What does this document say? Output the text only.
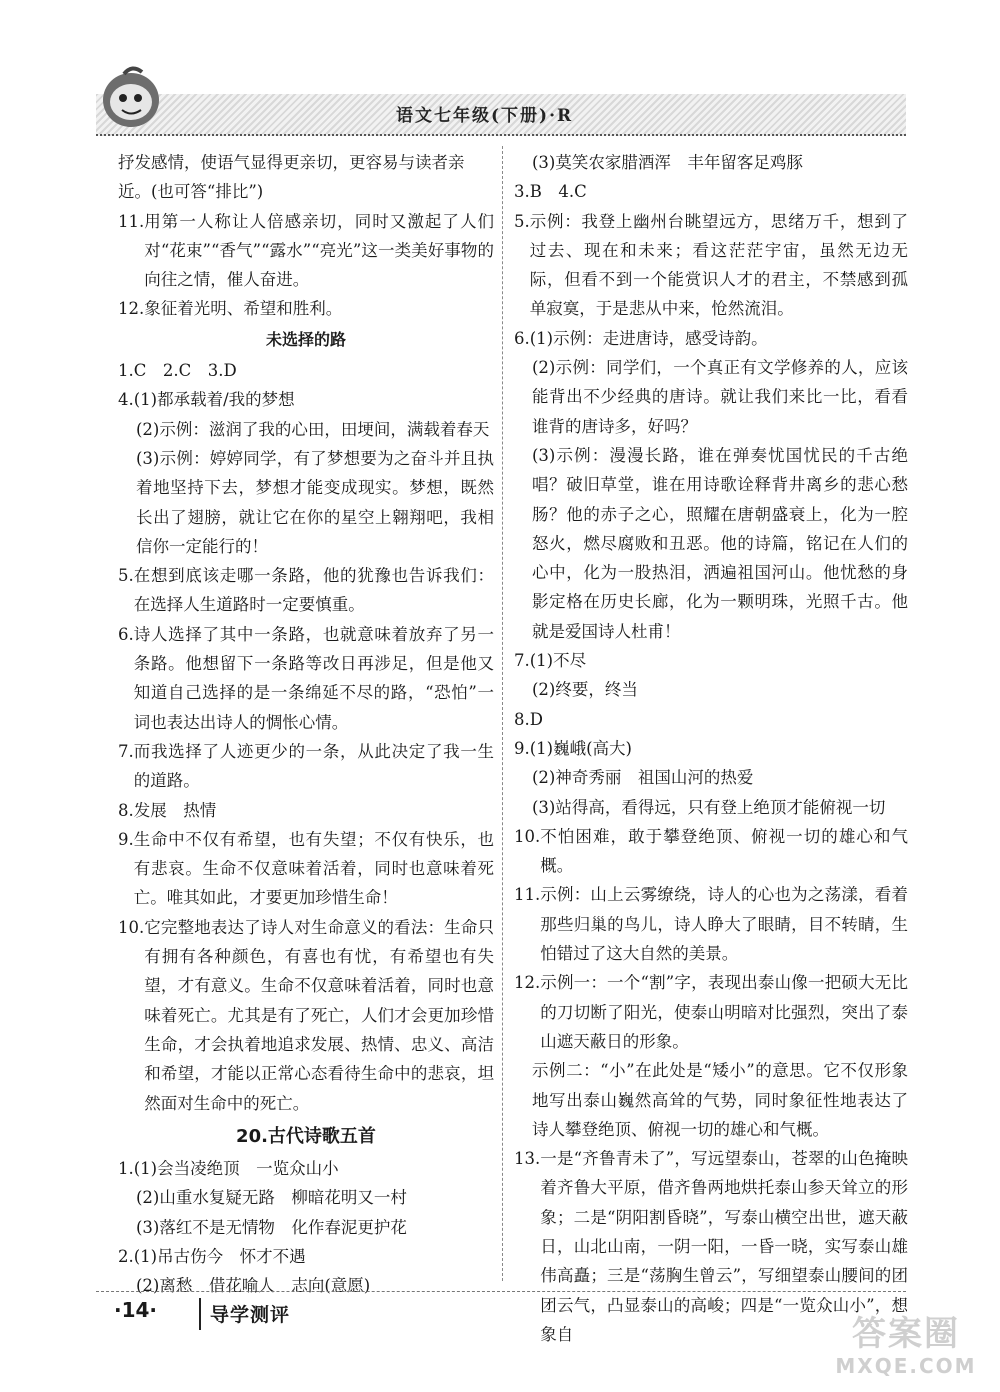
语文七年级(下册)·R
抒发感情，使语气显得更亲切，更容易与读者亲近。(也可答“排比”)
11. 用第一人称让人倍感亲切，同时又激起了人们对“花束”“香气”“露水”“亮光”这一类美好事物的向往之情，催人奋进。
12. 象征着光明、希望和胜利。
未选择的路
1. C　2.C　3.D
4. (1)都承载着/我的梦想
(2)示例：滋润了我的心田，田埂间，满载着春天
(3)示例：婷婷同学，有了梦想要为之奋斗并且执着地坚持下去，梦想才能变成现实。梦想，既然长出了翅膀，就让它在你的星空上翱翔吧，我相信你一定能行的！
5. 在想到底该走哪一条路，他的犹豫也告诉我们：在选择人生道路时一定要慎重。
6. 诗人选择了其中一条路，也就意味着放弃了另一条路。他想留下一条路等改日再涉足，但是他又知道自己选择的是一条绵延不尽的路，“恐怕”一词也表达出诗人的惆怅心情。
7. 而我选择了人迹更少的一条，从此决定了我一生的道路。
8. 发展　热情
9. 生命中不仅有希望，也有失望；不仅有快乐，也有悲哀。生命不仅意味着活着，同时也意味着死亡。唯其如此，才要更加珍惜生命！
10. 它完整地表达了诗人对生命意义的看法：生命只有拥有各种颜色，有喜也有忧，有希望也有失望，才有意义。生命不仅意味着活着，同时也意味着死亡。尤其是有了死亡，人们才会更加珍惜生命，才会执着地追求发展、热情、忠义、高洁和希望，才能以正常心态看待生命中的悲哀，坦然面对生命中的死亡。
20.古代诗歌五首
1. (1)会当凌绝顶　一览众山小
(2)山重水复疑无路　柳暗花明又一村
(3)落红不是无情物　化作春泥更护花
2. (1)吊古伤今　怀才不遇
(2)离愁　借花喻人　志向(意愿)
(3)莫笑农家腊酒浑　丰年留客足鸡豚
3. B　4.C
5. 示例：我登上幽州台眺望远方，思绪万千，想到了过去、现在和未来；看这茫茫宇宙，虽然无边无际，但看不到一个能赏识人才的君主，不禁感到孤单寂寞，于是悲从中来，怆然流泪。
6. (1)示例：走进唐诗，感受诗韵。
(2)示例：同学们，一个真正有文学修养的人，应该能背出不少经典的唐诗。就让我们来比一比，看看谁背的唐诗多，好吗？
(3)示例：漫漫长路，谁在弹奏忧国忧民的千古绝唱？破旧草堂，谁在用诗歌诠释背井离乡的悲心愁肠？他的赤子之心，照耀在唐朝盛衰上，化为一腔怒火，燃尽腐败和丑恶。他的诗篇，铭记在人们的心中，化为一股热泪，洒遍祖国河山。他忧愁的身影定格在历史长廊，化为一颗明珠，光照千古。他就是爱国诗人杜甫！
7. (1)不尽
(2)终要，终当
8. D
9. (1)巍峨(高大)
(2)神奇秀丽　祖国山河的热爱
(3)站得高，看得远，只有登上绝顶才能俯视一切
10. 不怕困难，敢于攀登绝顶、俯视一切的雄心和气概。
11. 示例：山上云雾缭绕，诗人的心也为之荡漾，看着那些归巢的鸟儿，诗人睁大了眼睛，目不转睛，生怕错过了这大自然的美景。
12. 示例一：一个“割”字，表现出泰山像一把硕大无比的刀切断了阳光，使泰山明暗对比强烈，突出了泰山遮天蔽日的形象。
示例二：“小”在此处是“矮小”的意思。它不仅形象地写出泰山巍然高耸的气势，同时象征性地表达了诗人攀登绝顶、俯视一切的雄心和气概。
13. 一是“齐鲁青未了”，写远望泰山，苍翠的山色掩映着齐鲁大平原，借齐鲁两地烘托泰山参天耸立的形象；二是“阴阳割昏晓”，写泰山横空出世，遮天蔽日，山北山南，一阴一阳，一昏一晓，实写泰山雄伟高矗；三是“荡胸生曾云”，写细望泰山腰间的团团云气，凸显泰山的高峻；四是“一览众山小”，想象自
·14·	导学测评	答案圈
MXQE.COM
